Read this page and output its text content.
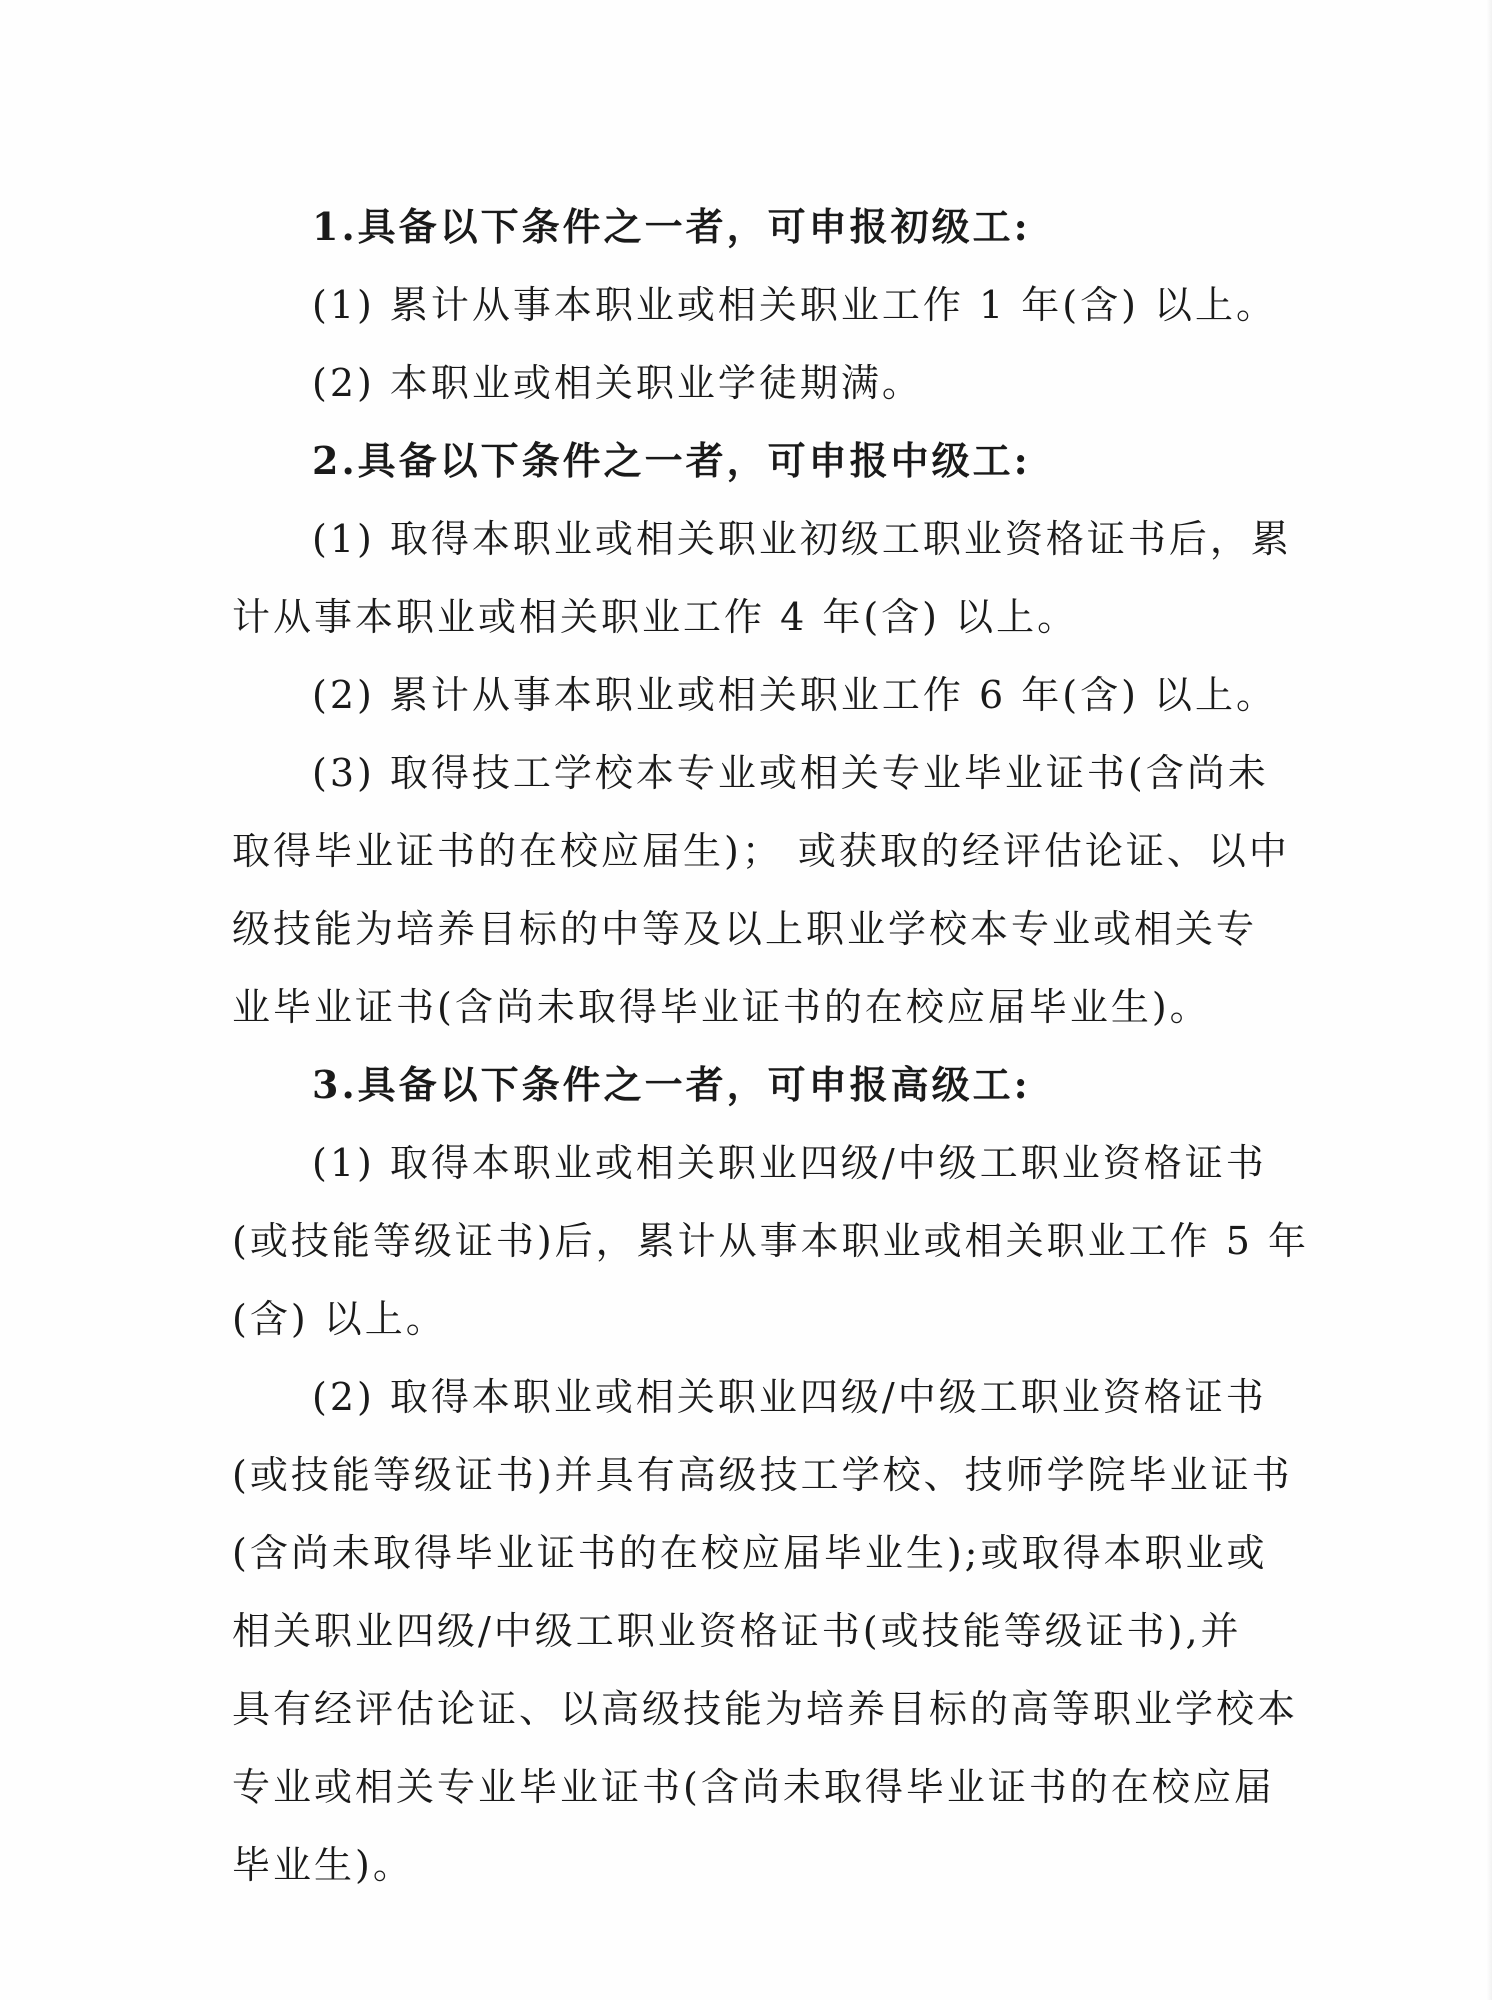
1.具备以下条件之一者，可申报初级工:
(1) 累计从事本职业或相关职业工作 1 年(含) 以上。
(2) 本职业或相关职业学徒期满。
2.具备以下条件之一者，可申报中级工:
(1) 取得本职业或相关职业初级工职业资格证书后，累
计从事本职业或相关职业工作 4 年(含) 以上。
(2) 累计从事本职业或相关职业工作 6 年(含) 以上。
(3) 取得技工学校本专业或相关专业毕业证书(含尚未
取得毕业证书的在校应届生)； 或获取的经评估论证、以中
级技能为培养目标的中等及以上职业学校本专业或相关专
业毕业证书(含尚未取得毕业证书的在校应届毕业生)。
3.具备以下条件之一者，可申报高级工:
(1) 取得本职业或相关职业四级/中级工职业资格证书
(或技能等级证书)后，累计从事本职业或相关职业工作 5 年
(含) 以上。
(2) 取得本职业或相关职业四级/中级工职业资格证书
(或技能等级证书)并具有高级技工学校、技师学院毕业证书
(含尚未取得毕业证书的在校应届毕业生);或取得本职业或
相关职业四级/中级工职业资格证书(或技能等级证书),并
具有经评估论证、以高级技能为培养目标的高等职业学校本
专业或相关专业毕业证书(含尚未取得毕业证书的在校应届
毕业生)。
